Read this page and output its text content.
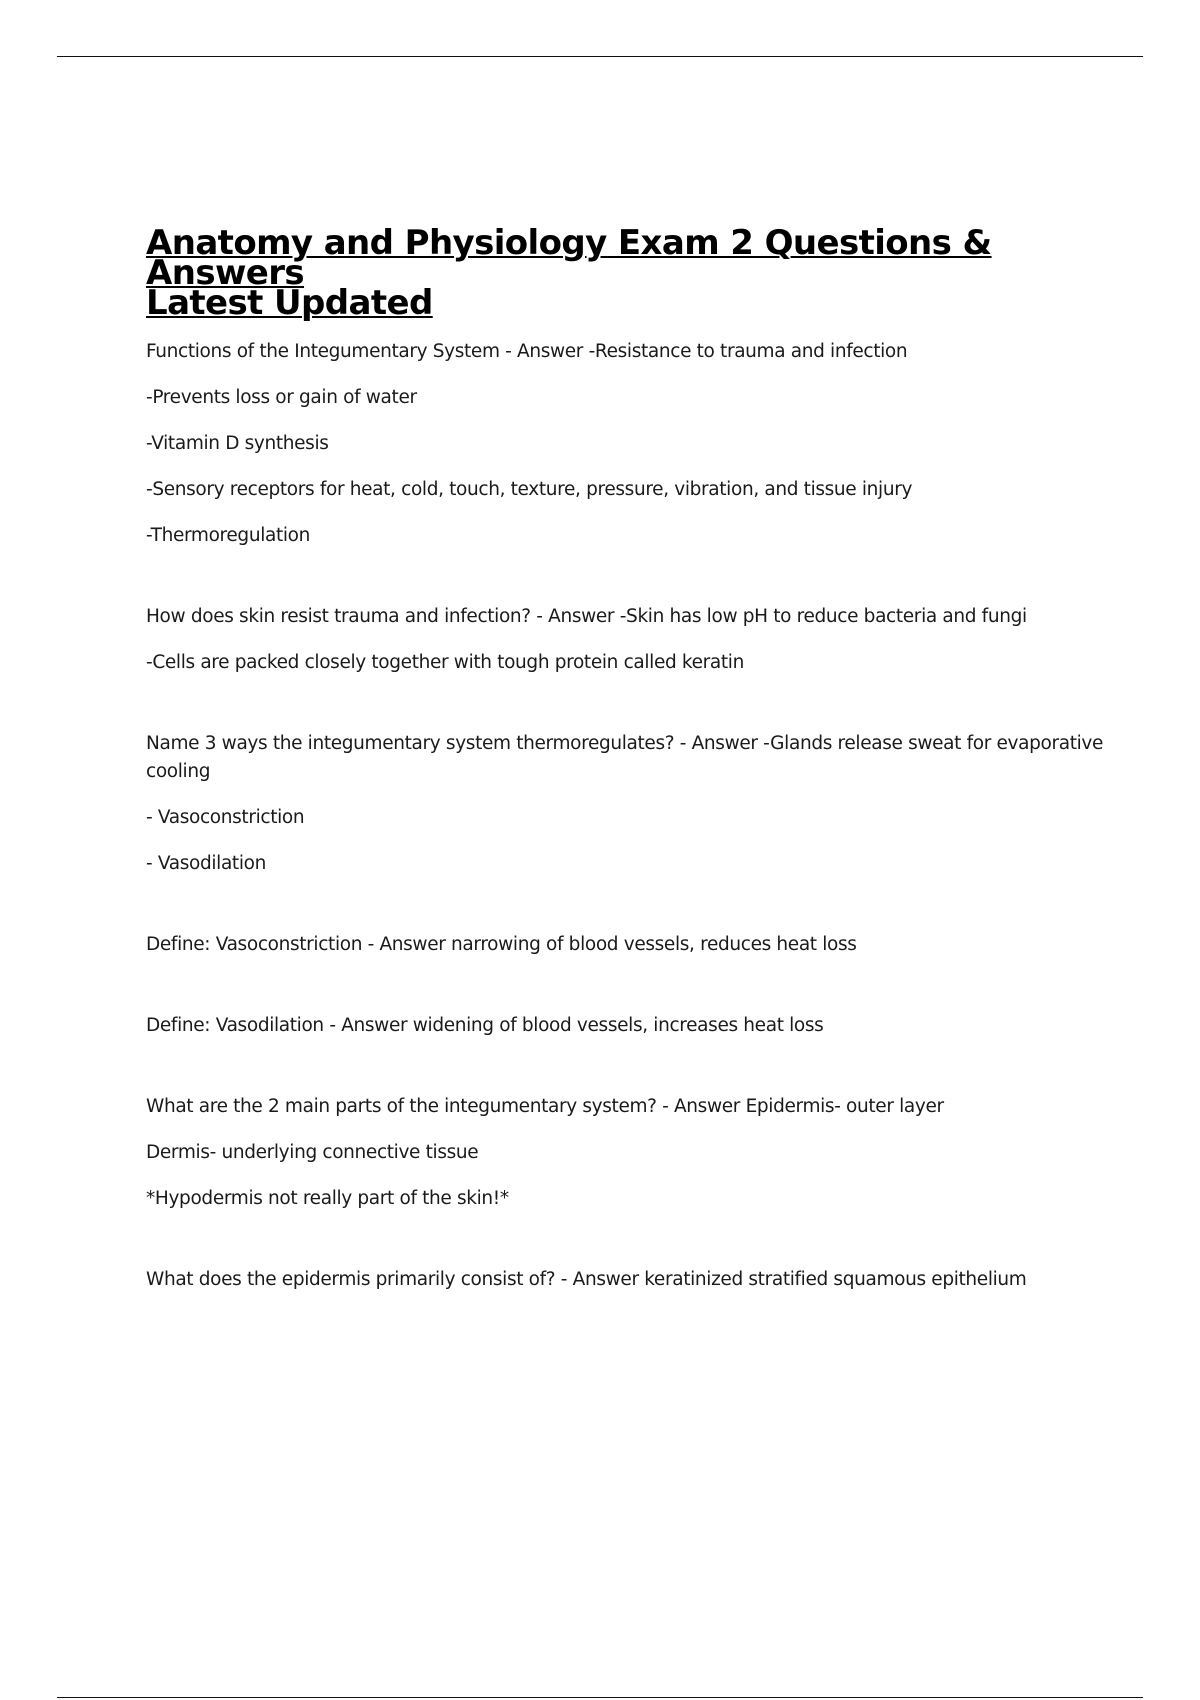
Anatomy and Physiology Exam 2 Questions & Answers
Latest Updated

Functions of the Integumentary System - Answer -Resistance to trauma and infection

-Prevents loss or gain of water

-Vitamin D synthesis

-Sensory receptors for heat, cold, touch, texture, pressure, vibration, and tissue injury

-Thermoregulation

How does skin resist trauma and infection? - Answer -Skin has low pH to reduce bacteria and fungi

-Cells are packed closely together with tough protein called keratin

Name 3 ways the integumentary system thermoregulates? - Answer -Glands release sweat for evaporative cooling

- Vasoconstriction

- Vasodilation

Define: Vasoconstriction - Answer narrowing of blood vessels, reduces heat loss

Define: Vasodilation - Answer widening of blood vessels, increases heat loss

What are the 2 main parts of the integumentary system? - Answer Epidermis- outer layer

Dermis- underlying connective tissue

*Hypodermis not really part of the skin!*

What does the epidermis primarily consist of? - Answer keratinized stratified squamous epithelium
